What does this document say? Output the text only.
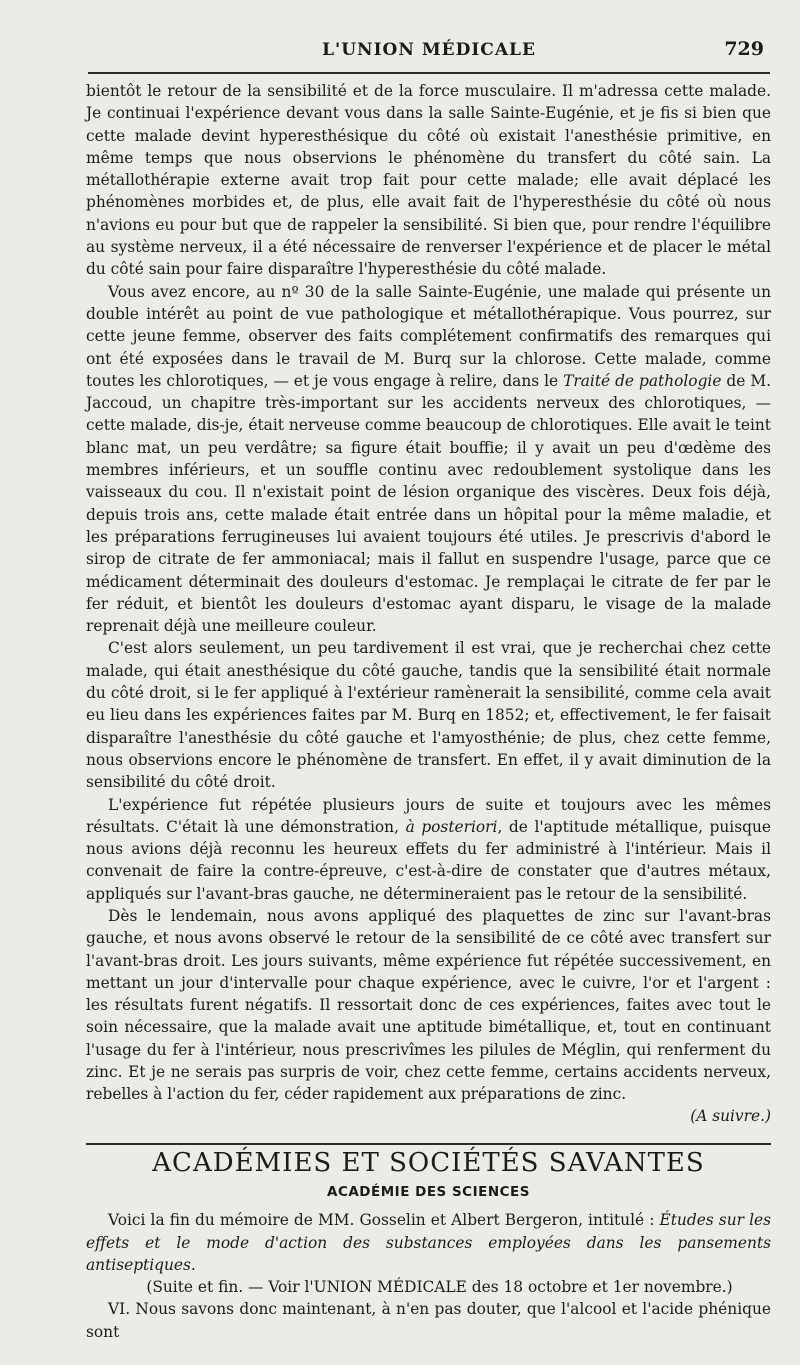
L'UNION MÉDICALE	729

bientôt le retour de la sensibilité et de la force musculaire. Il m'adressa cette malade. Je continuai l'expérience devant vous dans la salle Sainte-Eugénie, et je fis si bien que cette malade devint hyperesthésique du côté où existait l'anesthésie primitive, en même temps que nous observions le phénomène du transfert du côté sain. La métallothérapie externe avait trop fait pour cette malade; elle avait déplacé les phénomènes morbides et, de plus, elle avait fait de l'hyperesthésie du côté où nous n'avions eu pour but que de rappeler la sensibilité. Si bien que, pour rendre l'équilibre au système nerveux, il a été nécessaire de renverser l'expérience et de placer le métal du côté sain pour faire disparaître l'hyperesthésie du côté malade.

Vous avez encore, au nº 30 de la salle Sainte-Eugénie, une malade qui présente un double intérêt au point de vue pathologique et métallothérapique. Vous pourrez, sur cette jeune femme, observer des faits complétement confirmatifs des remarques qui ont été exposées dans le travail de M. Burq sur la chlorose. Cette malade, comme toutes les chlorotiques, — et je vous engage à relire, dans le Traité de pathologie de M. Jaccoud, un chapitre très-important sur les accidents nerveux des chlorotiques, — cette malade, dis-je, était nerveuse comme beaucoup de chlorotiques. Elle avait le teint blanc mat, un peu verdâtre; sa figure était bouffie; il y avait un peu d'œdème des membres inférieurs, et un souffle continu avec redoublement systolique dans les vaisseaux du cou. Il n'existait point de lésion organique des viscères. Deux fois déjà, depuis trois ans, cette malade était entrée dans un hôpital pour la même maladie, et les préparations ferrugineuses lui avaient toujours été utiles. Je prescrivis d'abord le sirop de citrate de fer ammoniacal; mais il fallut en suspendre l'usage, parce que ce médicament déterminait des douleurs d'estomac. Je remplaçai le citrate de fer par le fer réduit, et bientôt les douleurs d'estomac ayant disparu, le visage de la malade reprenait déjà une meilleure couleur.

C'est alors seulement, un peu tardivement il est vrai, que je recherchai chez cette malade, qui était anesthésique du côté gauche, tandis que la sensibilité était normale du côté droit, si le fer appliqué à l'extérieur ramènerait la sensibilité, comme cela avait eu lieu dans les expériences faites par M. Burq en 1852; et, effectivement, le fer faisait disparaître l'anesthésie du côté gauche et l'amyosthénie; de plus, chez cette femme, nous observions encore le phénomène de transfert. En effet, il y avait diminution de la sensibilité du côté droit.

L'expérience fut répétée plusieurs jours de suite et toujours avec les mêmes résultats. C'était là une démonstration, à posteriori, de l'aptitude métallique, puisque nous avions déjà reconnu les heureux effets du fer administré à l'intérieur. Mais il convenait de faire la contre-épreuve, c'est-à-dire de constater que d'autres métaux, appliqués sur l'avant-bras gauche, ne détermineraient pas le retour de la sensibilité.

Dès le lendemain, nous avons appliqué des plaquettes de zinc sur l'avant-bras gauche, et nous avons observé le retour de la sensibilité de ce côté avec transfert sur l'avant-bras droit. Les jours suivants, même expérience fut répétée successivement, en mettant un jour d'intervalle pour chaque expérience, avec le cuivre, l'or et l'argent : les résultats furent négatifs. Il ressortait donc de ces expériences, faites avec tout le soin nécessaire, que la malade avait une aptitude bimétallique, et, tout en continuant l'usage du fer à l'intérieur, nous prescrivîmes les pilules de Méglin, qui renferment du zinc. Et je ne serais pas surpris de voir, chez cette femme, certains accidents nerveux, rebelles à l'action du fer, céder rapidement aux préparations de zinc.

(A suivre.)
ACADÉMIES ET SOCIÉTÉS SAVANTES
ACADÉMIE DES SCIENCES

Voici la fin du mémoire de MM. Gosselin et Albert Bergeron, intitulé : Études sur les effets et le mode d'action des substances employées dans les pansements antiseptiques.

(Suite et fin. — Voir l'UNION MÉDICALE des 18 octobre et 1er novembre.)

VI. Nous savons donc maintenant, à n'en pas douter, que l'alcool et l'acide phénique sont
